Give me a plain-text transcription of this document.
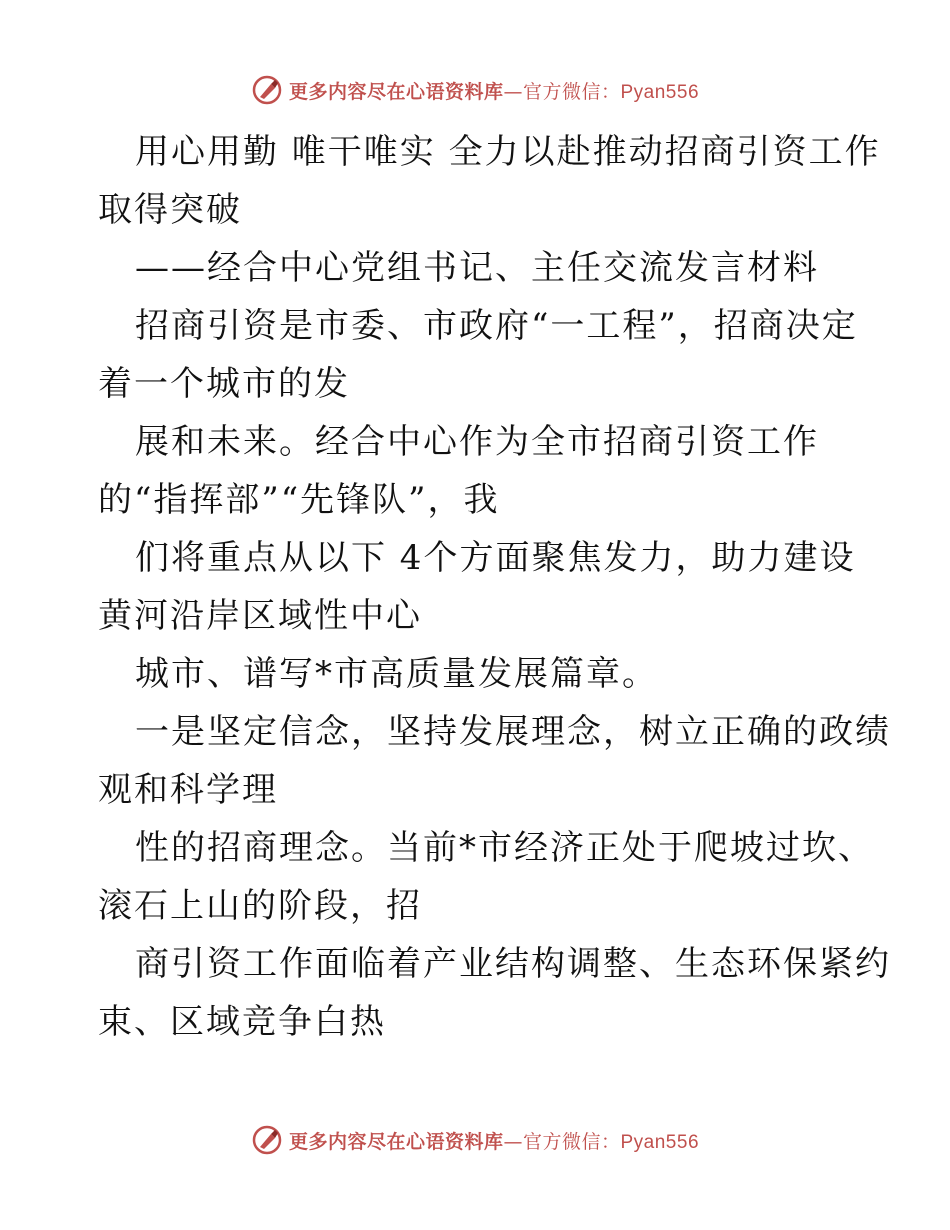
更多内容尽在心语资料库—官方微信：Pyan556
用心用勤 唯干唯实 全力以赴推动招商引资工作
取得突破
——经合中心党组书记、主任交流发言材料
招商引资是市委、市政府“一工程”，招商决定
着一个城市的发
展和未来。经合中心作为全市招商引资工作
的“指挥部”“先锋队”，我
们将重点从以下 4个方面聚焦发力，助力建设
黄河沿岸区域性中心
城市、谱写*市高质量发展篇章。
一是坚定信念，坚持发展理念，树立正确的政绩
观和科学理
性的招商理念。当前*市经济正处于爬坡过坎、
滚石上山的阶段，招
商引资工作面临着产业结构调整、生态环保紧约
束、区域竞争白热
更多内容尽在心语资料库—官方微信：Pyan556
